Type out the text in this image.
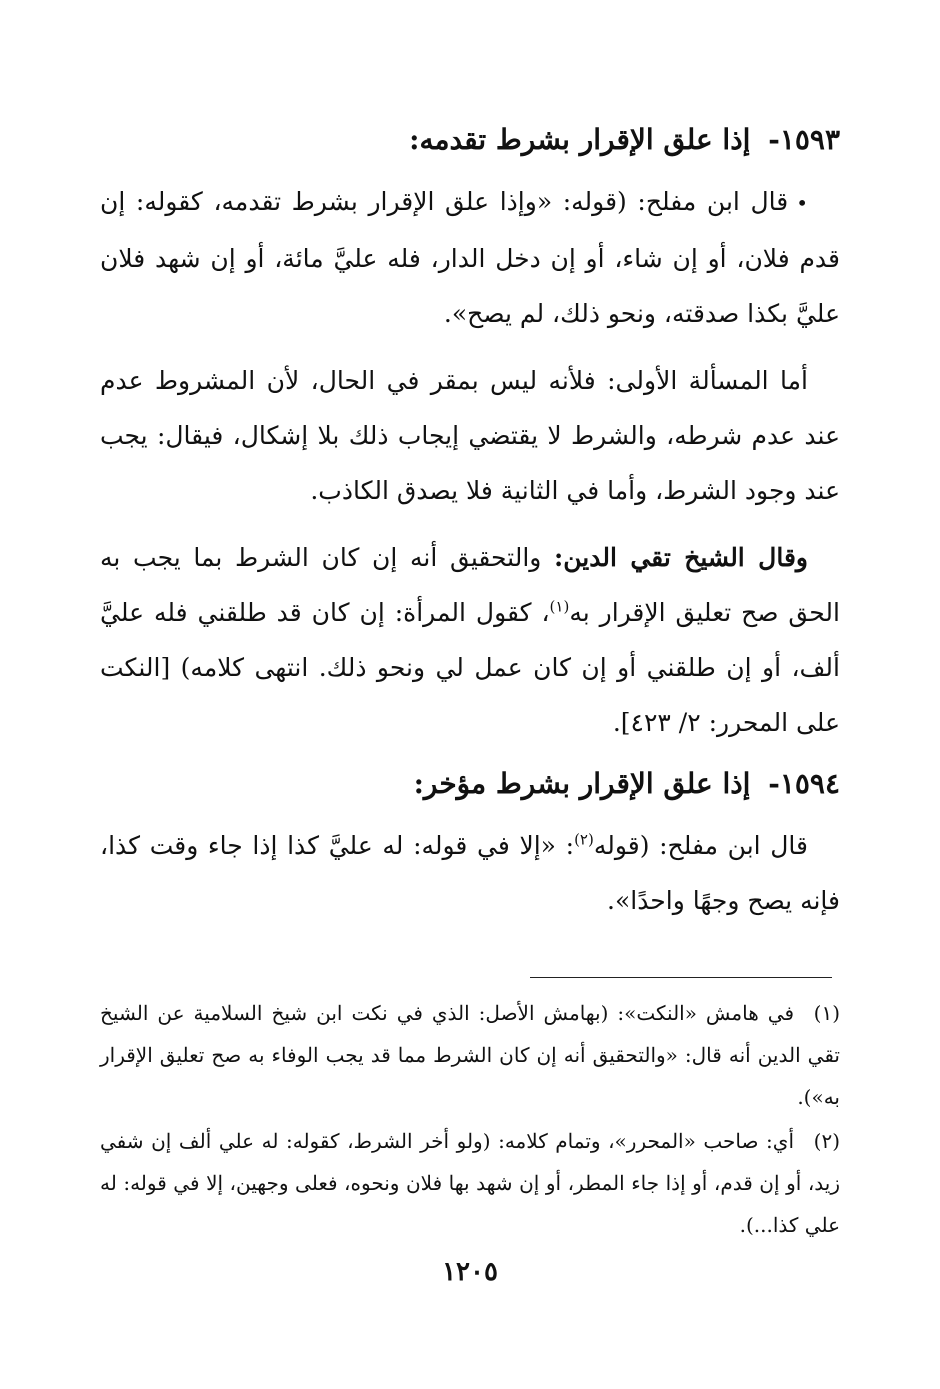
١٥٩٣- إذا علق الإقرار بشرط تقدمه:

•قال ابن مفلح: (قوله: «وإذا علق الإقرار بشرط تقدمه، كقوله: إن قدم فلان، أو إن شاء، أو إن دخل الدار، فله عليَّ مائة، أو إن شهد فلان عليَّ بكذا صدقته، ونحو ذلك، لم يصح».

أما المسألة الأولى: فلأنه ليس بمقر في الحال، لأن المشروط عدم عند عدم شرطه، والشرط لا يقتضي إيجاب ذلك بلا إشكال، فيقال: يجب عند وجود الشرط، وأما في الثانية فلا يصدق الكاذب.

وقال الشيخ تقي الدين: والتحقيق أنه إن كان الشرط بما يجب به الحق صح تعليق الإقرار به$^{(١)}$، كقول المرأة: إن كان قد طلقني فله عليَّ ألف، أو إن طلقني أو إن كان عمل لي ونحو ذلك. انتهى كلامه) [النكت على المحرر: ٢/ ٤٢٣].

١٥٩٤- إذا علق الإقرار بشرط مؤخر:

قال ابن مفلح: (قوله$^{(٢)}$: «إلا في قوله: له عليَّ كذا إذا جاء وقت كذا، فإنه يصح وجهًا واحدًا».

(١)في هامش «النكت»: (بهامش الأصل: الذي في نكت ابن شيخ السلامية عن الشيخ تقي الدين أنه قال: «والتحقيق أنه إن كان الشرط مما قد يجب الوفاء به صح تعليق الإقرار به»).

(٢)أي: صاحب «المحرر»، وتمام كلامه: (ولو أخر الشرط، كقوله: له علي ألف إن شفي زيد، أو إن قدم، أو إذا جاء المطر، أو إن شهد بها فلان ونحوه، فعلى وجهين، إلا في قوله: له علي كذا...).

١٢٠٥
